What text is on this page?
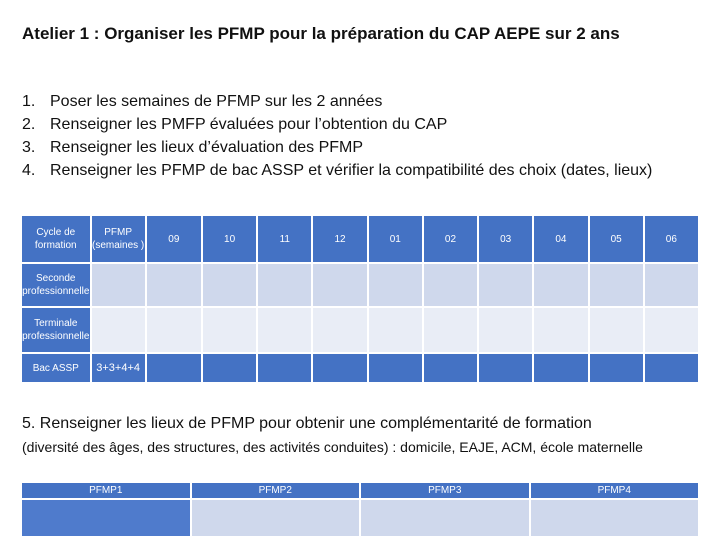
Atelier 1 : Organiser les PFMP pour la préparation du CAP AEPE sur 2 ans
1. Poser les semaines de PFMP sur les 2 années
2. Renseigner les PMFP évaluées pour l’obtention du CAP
3. Renseigner les lieux d’évaluation des PFMP
4. Renseigner les PFMP de bac ASSP et vérifier la compatibilité des choix (dates, lieux)
Cycle de formation	PFMP (semaines )	09	10	11	12	01	02	03	04	05	06
Seconde professionnelle											
Terminale professionnelle											
Bac ASSP	3+3+4+4										
5. Renseigner les lieux de PFMP pour obtenir une complémentarité de formation
(diversité des âges, des structures, des activités conduites) : domicile, EAJE, ACM, école maternelle
PFMP1	PFMP2	PFMP3	PFMP4
